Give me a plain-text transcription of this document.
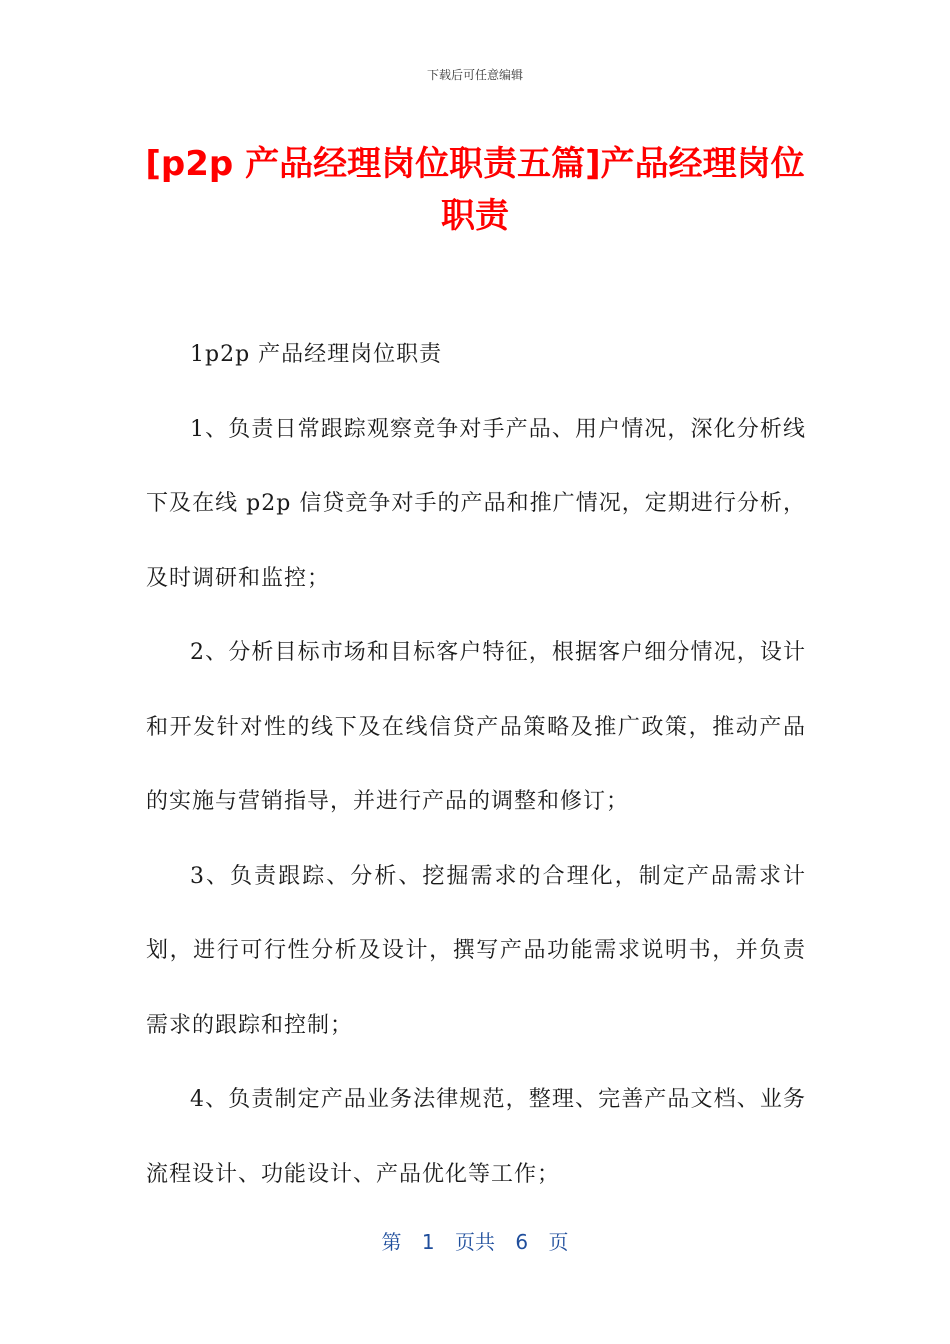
下载后可任意编辑
[p2p 产品经理岗位职责五篇]产品经理岗位职责

1p2p 产品经理岗位职责

1、负责日常跟踪观察竞争对手产品、用户情况，深化分析线下及在线 p2p 信贷竞争对手的产品和推广情况，定期进行分析，及时调研和监控；

2、分析目标市场和目标客户特征，根据客户细分情况，设计和开发针对性的线下及在线信贷产品策略及推广政策，推动产品的实施与营销指导，并进行产品的调整和修订；

3、负责跟踪、分析、挖掘需求的合理化，制定产品需求计划，进行可行性分析及设计，撰写产品功能需求说明书，并负责需求的跟踪和控制；

4、负责制定产品业务法律规范，整理、完善产品文档、业务流程设计、功能设计、产品优化等工作；

第 1 页共 6 页
